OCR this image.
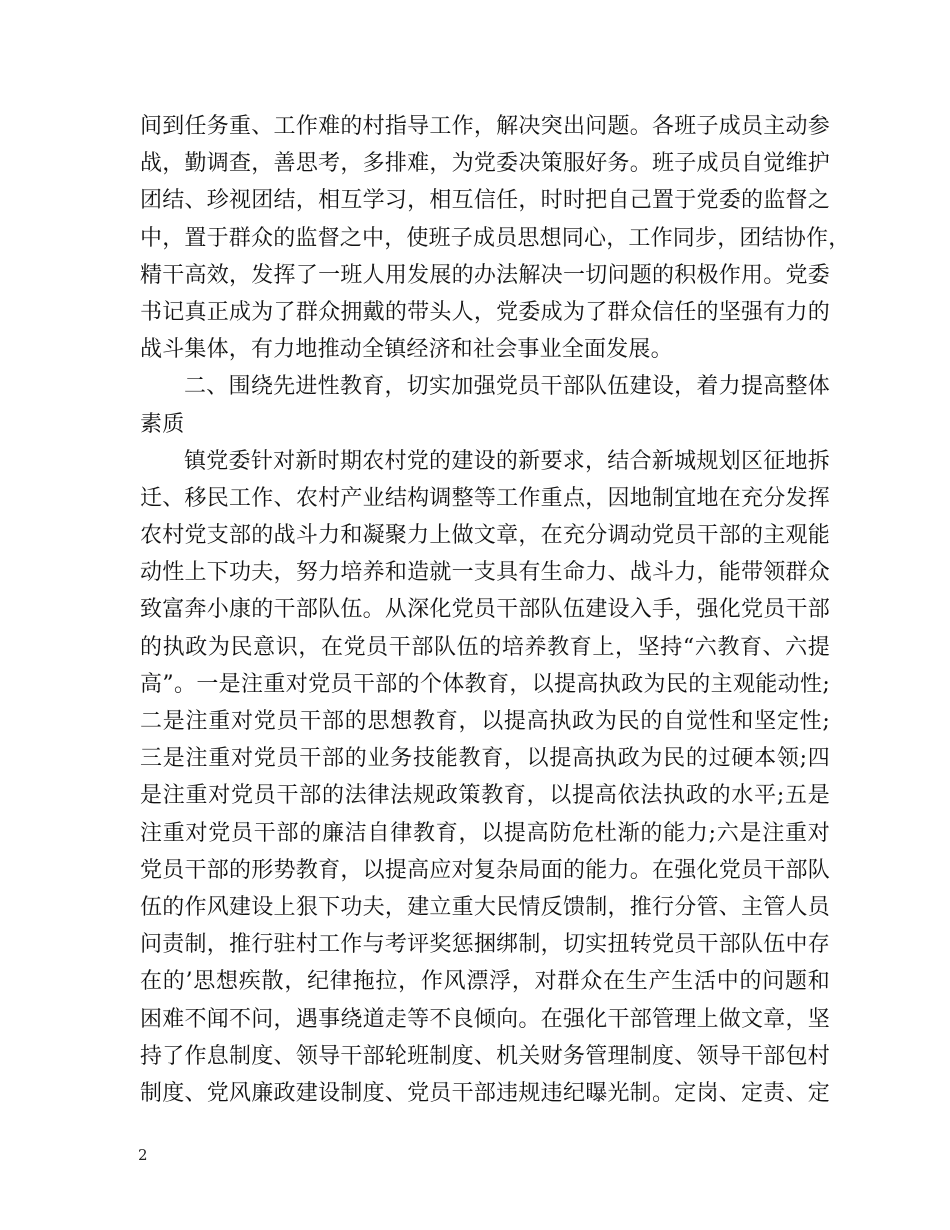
间到任务重、工作难的村指导工作，解决突出问题。各班子成员主动参
战，勤调查，善思考，多排难，为党委决策服好务。班子成员自觉维护
团结、珍视团结，相互学习，相互信任，时时把自己置于党委的监督之
中，置于群众的监督之中，使班子成员思想同心，工作同步，团结协作，
精干高效，发挥了一班人用发展的办法解决一切问题的积极作用。党委
书记真正成为了群众拥戴的带头人，党委成为了群众信任的坚强有力的
战斗集体，有力地推动全镇经济和社会事业全面发展。
二、围绕先进性教育，切实加强党员干部队伍建设，着力提高整体
素质
镇党委针对新时期农村党的建设的新要求，结合新城规划区征地拆
迁、移民工作、农村产业结构调整等工作重点，因地制宜地在充分发挥
农村党支部的战斗力和凝聚力上做文章，在充分调动党员干部的主观能
动性上下功夫，努力培养和造就一支具有生命力、战斗力，能带领群众
致富奔小康的干部队伍。从深化党员干部队伍建设入手，强化党员干部
的执政为民意识，在党员干部队伍的培养教育上，坚持“六教育、六提
高”。一是注重对党员干部的个体教育，以提高执政为民的主观能动性;
二是注重对党员干部的思想教育，以提高执政为民的自觉性和坚定性;
三是注重对党员干部的业务技能教育，以提高执政为民的过硬本领;四
是注重对党员干部的法律法规政策教育，以提高依法执政的水平;五是
注重对党员干部的廉洁自律教育，以提高防危杜渐的能力;六是注重对
党员干部的形势教育，以提高应对复杂局面的能力。在强化党员干部队
伍的作风建设上狠下功夫，建立重大民情反馈制，推行分管、主管人员
问责制，推行驻村工作与考评奖惩捆绑制，切实扭转党员干部队伍中存
在的’思想疾散，纪律拖拉，作风漂浮，对群众在生产生活中的问题和
困难不闻不问，遇事绕道走等不良倾向。在强化干部管理上做文章，坚
持了作息制度、领导干部轮班制度、机关财务管理制度、领导干部包村
制度、党风廉政建设制度、党员干部违规违纪曝光制。定岗、定责、定
2
